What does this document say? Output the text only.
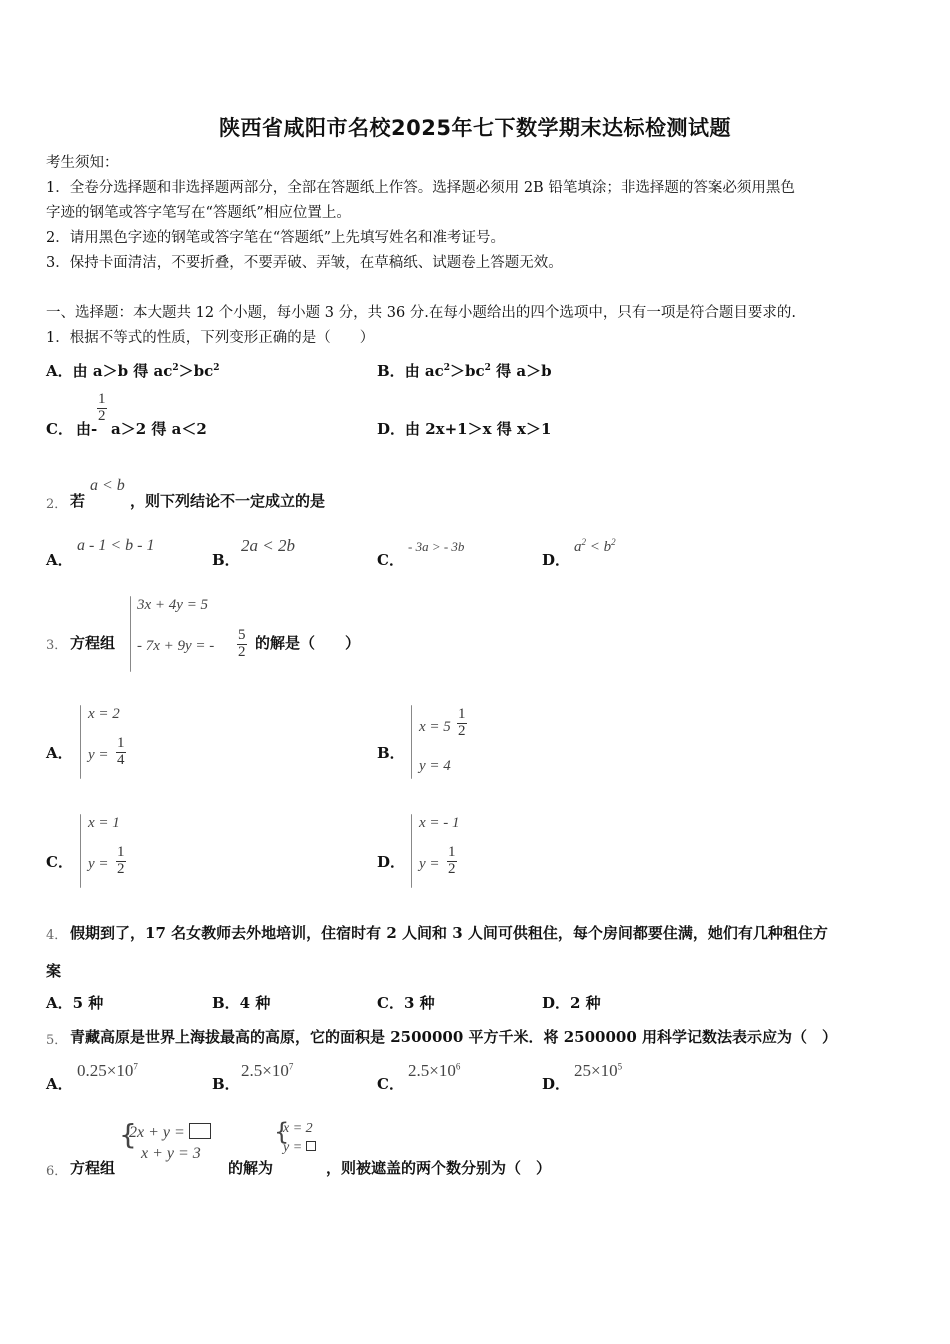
陕西省咸阳市名校2025年七下数学期末达标检测试题
考生须知：
1．全卷分选择题和非选择题两部分，全部在答题纸上作答。选择题必须用 2B 铅笔填涂；非选择题的答案必须用黑色
字迹的钢笔或答字笔写在“答题纸”相应位置上。
2．请用黑色字迹的钢笔或答字笔在“答题纸”上先填写姓名和准考证号。
3．保持卡面清洁，不要折叠，不要弄破、弄皱，在草稿纸、试题卷上答题无效。
一、选择题：本大题共 12 个小题，每小题 3 分，共 36 分.在每小题给出的四个选项中，只有一项是符合题目要求的.
1．根据不等式的性质，下列变形正确的是（　　）
A．由 a＞b 得 $ac^2>bc^2$	B．由 $ac^2>bc^2$ 得 a＞b
C． 由-
$\frac{1}{2}$
a＞2 得 a＜2	D．由 2x+1＞x 得 x＞1
2． 若
a < b
，则下列结论不一定成立的是
A．
a - 1 < b - 1
B．
2a < 2b
C．
- 3a > - 3b
D．
$a^2 < b^2$
3． 方程组
3x + 4y = 5
- 7x + 9y = - $\frac{5}{2}$ 的解是（　　）
A．
x = 2
$y = \frac{1}{4}$	B．
$x = 5 \frac{1}{2}$
y = 4
C．
x = 1
$y = \frac{1}{2}$	D．
x = - 1
$y = \frac{1}{2}$
4． 假期到了，17 名女教师去外地培训，住宿时有 2 人间和 3 人间可供租住，每个房间都要住满，她们有几种租住方
案
A．5 种	B．4 种	C．3 种	D．2 种
5． 青藏高原是世界上海拔最高的高原，它的面积是 2500000 平方千米．将 2500000 用科学记数法表示应为（　）
A．
$0.25\times 10^7$
B．
$2.5\times 10^7$
C．
$2.5\times 10^6$
D．
$25\times 10^5$
6． 方程组
{
2x + y =
x + y = 3
的解为
{
x = 2
y =
，则被遮盖的两个数分别为（　）
